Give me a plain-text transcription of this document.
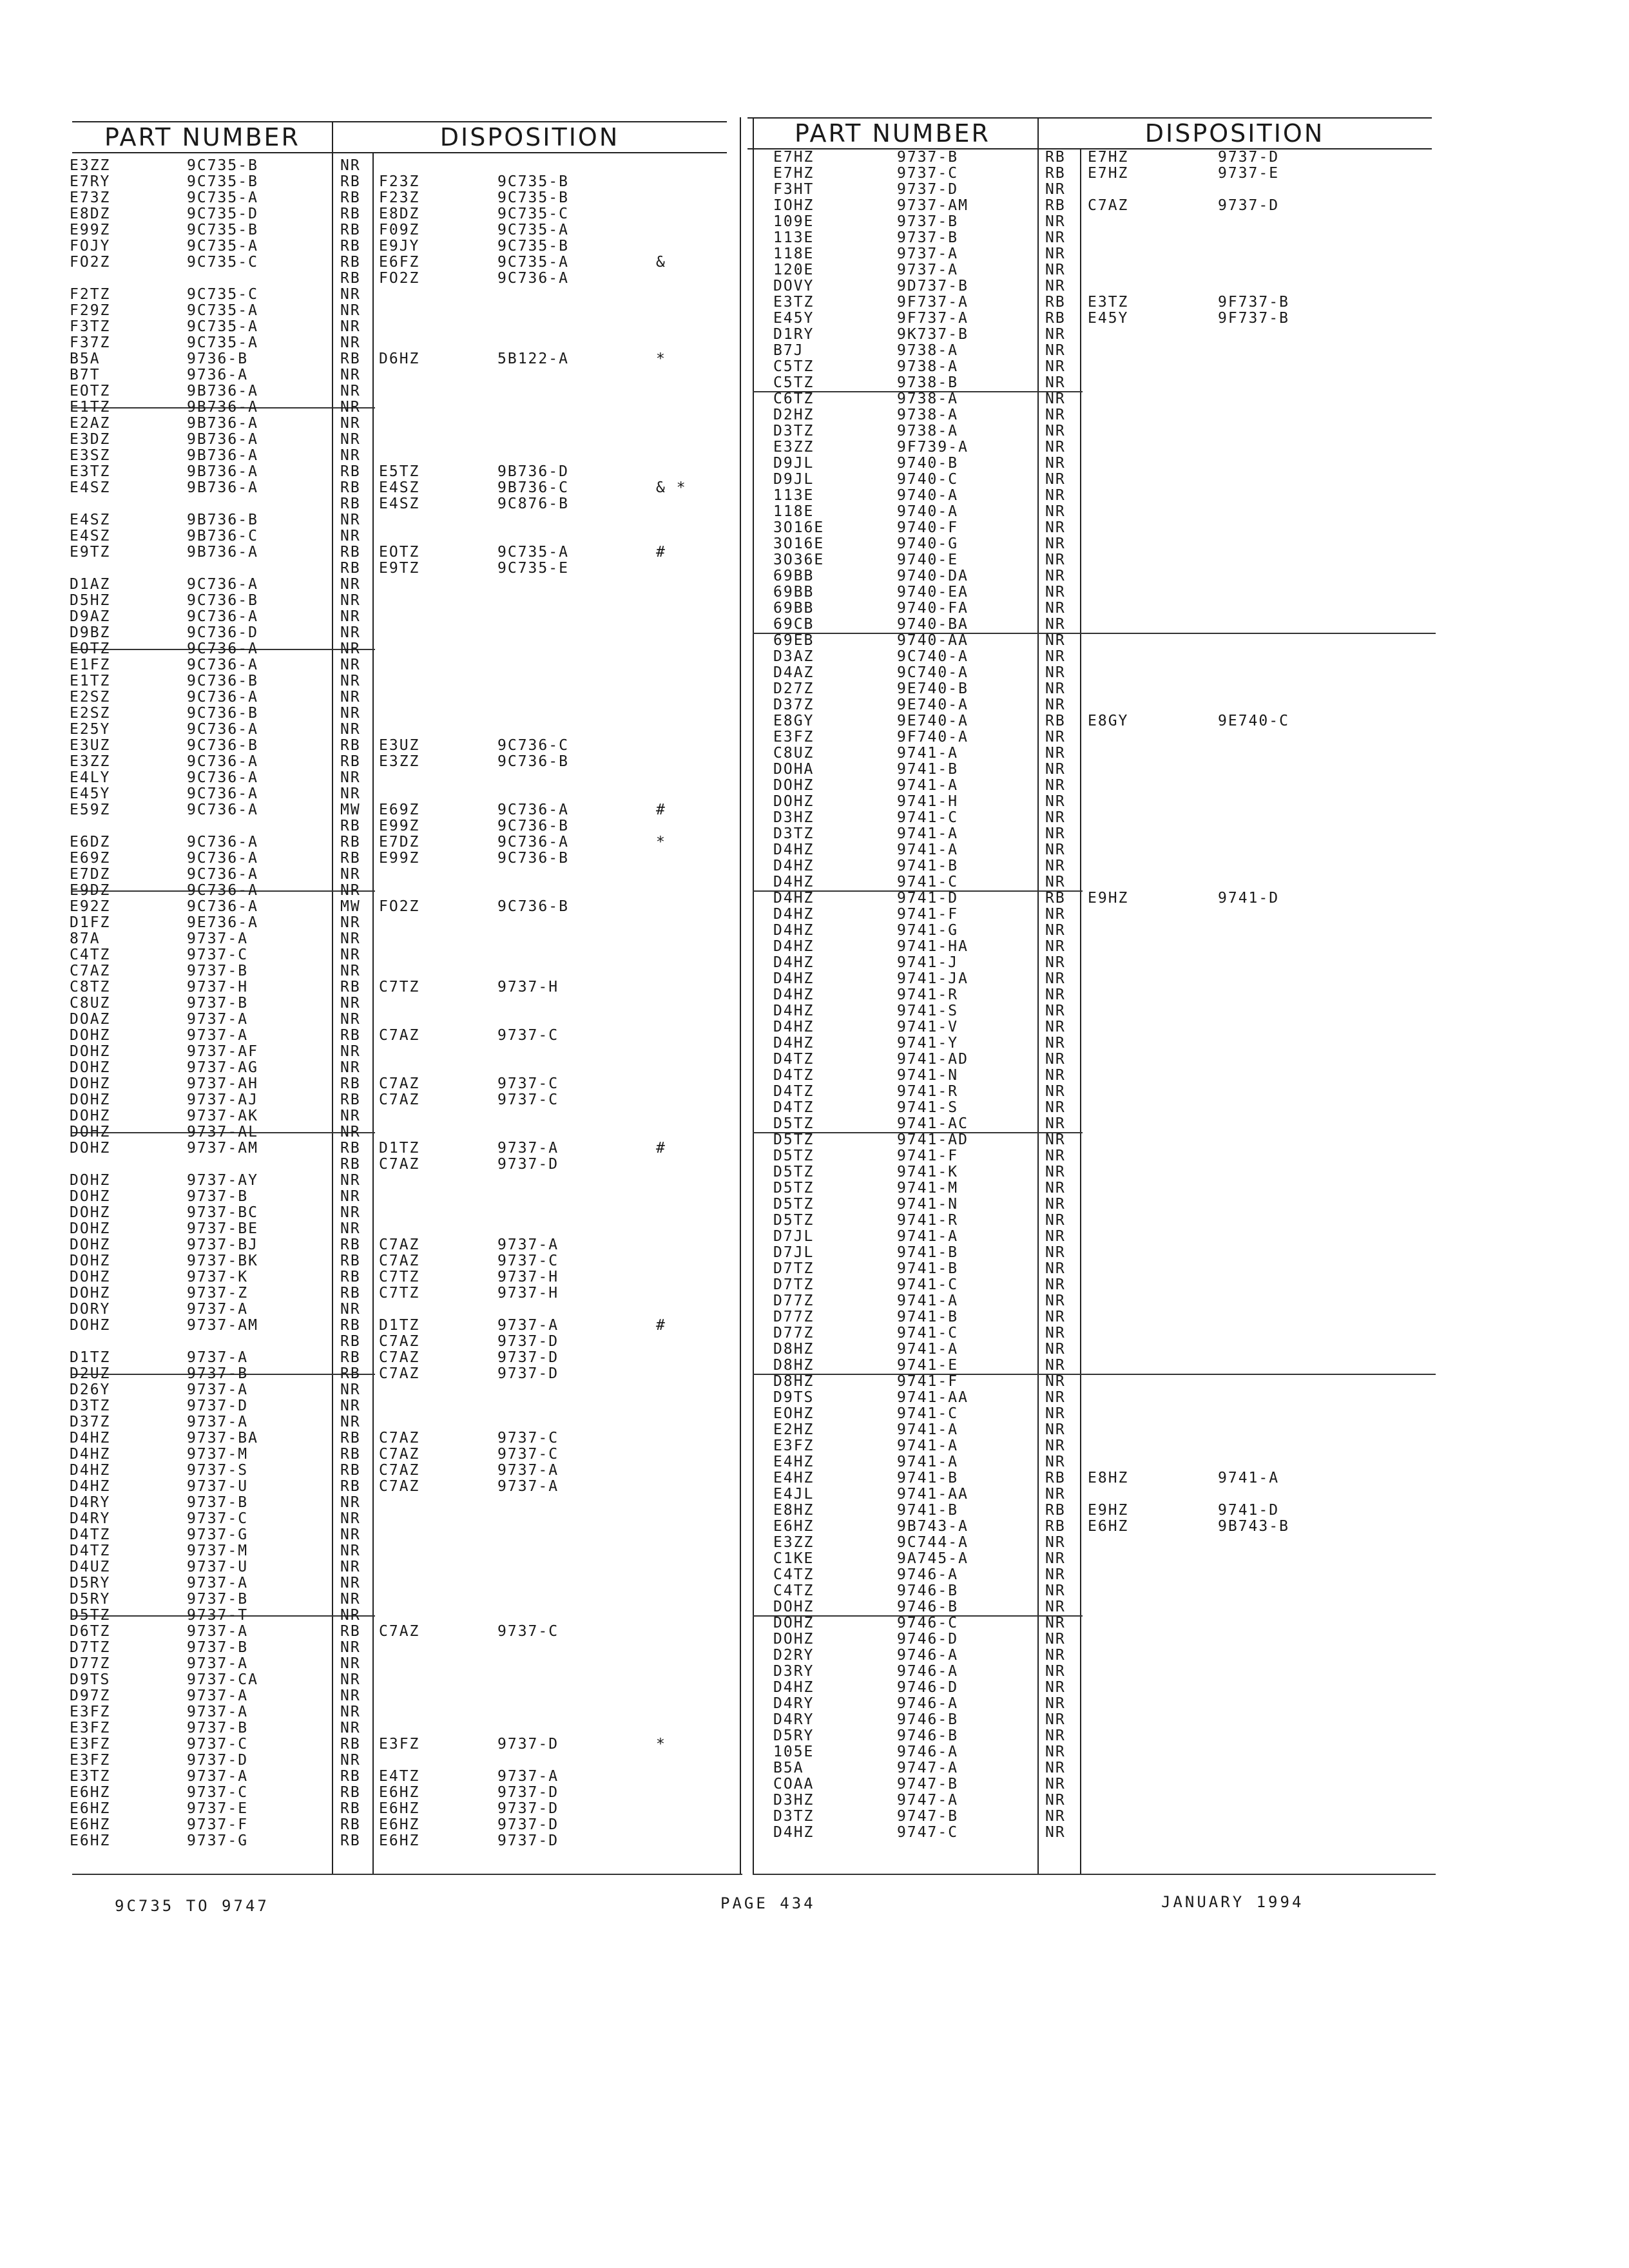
PART NUMBER	DISPOSITION	PART NUMBER	DISPOSITION
E3ZZ	9C735-B	NR
E7RY	9C735-B	RB F23Z	9C735-B
E73Z	9C735-A	RB F23Z	9C735-B
E8DZ	9C735-D	RB E8DZ	9C735-C
E99Z	9C735-B	RB F09Z	9C735-A
FOJY	9C735-A	RB E9JY	9C735-B
FO2Z	9C735-C	RB E6FZ	9C735-A	&
RB FO2Z	9C736-A
F2TZ	9C735-C	NR
F29Z	9C735-A	NR
F3TZ	9C735-A	NR
F37Z	9C735-A	NR
B5A	9736-B	RB D6HZ	5B122-A	*
B7T	9736-A	NR
EOTZ	9B736-A	NR
E1TZ	9B736-A	NR
E2AZ	9B736-A	NR
E3DZ	9B736-A	NR
E3SZ	9B736-A	NR
E3TZ	9B736-A	RB E5TZ	9B736-D
E4SZ	9B736-A	RB E4SZ	9B736-C	& *
RB E4SZ	9C876-B
E4SZ	9B736-B	NR
E4SZ	9B736-C	NR
E9TZ	9B736-A	RB EOTZ	9C735-A	#
RB E9TZ	9C735-E
D1AZ	9C736-A	NR
D5HZ	9C736-B	NR
D9AZ	9C736-A	NR
D9BZ	9C736-D	NR
EOTZ	9C736-A	NR
E1FZ	9C736-A	NR
E1TZ	9C736-B	NR
E2SZ	9C736-A	NR
E2SZ	9C736-B	NR
E25Y	9C736-A	NR
E3UZ	9C736-B	RB E3UZ	9C736-C
E3ZZ	9C736-A	RB E3ZZ	9C736-B
E4LY	9C736-A	NR
E45Y	9C736-A	NR
E59Z	9C736-A	MW E69Z	9C736-A	#
RB E99Z	9C736-B
E6DZ	9C736-A	RB E7DZ	9C736-A	*
E69Z	9C736-A	RB E99Z	9C736-B
E7DZ	9C736-A	NR
E9DZ	9C736-A	NR
E92Z	9C736-A	MW FO2Z	9C736-B
D1FZ	9E736-A	NR
87A	9737-A	NR
C4TZ	9737-C	NR
C7AZ	9737-B	NR
C8TZ	9737-H	RB C7TZ	9737-H
C8UZ	9737-B	NR
DOAZ	9737-A	NR
DOHZ	9737-A	RB C7AZ	9737-C
DOHZ	9737-AF	NR
DOHZ	9737-AG	NR
DOHZ	9737-AH	RB C7AZ	9737-C
DOHZ	9737-AJ	RB C7AZ	9737-C
DOHZ	9737-AK	NR
DOHZ	9737-AL	NR
DOHZ	9737-AM	RB D1TZ	9737-A	#
RB C7AZ	9737-D
DOHZ	9737-AY	NR
DOHZ	9737-B	NR
DOHZ	9737-BC	NR
DOHZ	9737-BE	NR
DOHZ	9737-BJ	RB C7AZ	9737-A
DOHZ	9737-BK	RB C7AZ	9737-C
DOHZ	9737-K	RB C7TZ	9737-H
DOHZ	9737-Z	RB C7TZ	9737-H
DORY	9737-A	NR
DOHZ	9737-AM	RB D1TZ	9737-A	#
RB C7AZ	9737-D
D1TZ	9737-A	RB C7AZ	9737-D
D2UZ	9737-B	RB C7AZ	9737-D
D26Y	9737-A	NR
D3TZ	9737-D	NR
D37Z	9737-A	NR
D4HZ	9737-BA	RB C7AZ	9737-C
D4HZ	9737-M	RB C7AZ	9737-C
D4HZ	9737-S	RB C7AZ	9737-A
D4HZ	9737-U	RB C7AZ	9737-A
D4RY	9737-B	NR
D4RY	9737-C	NR
D4TZ	9737-G	NR
D4TZ	9737-M	NR
D4UZ	9737-U	NR
D5RY	9737-A	NR
D5RY	9737-B	NR
D5TZ	9737-T	NR
D6TZ	9737-A	RB C7AZ	9737-C
D7TZ	9737-B	NR
D77Z	9737-A	NR
D9TS	9737-CA	NR
D97Z	9737-A	NR
E3FZ	9737-A	NR
E3FZ	9737-B	NR
E3FZ	9737-C	RB E3FZ	9737-D	*
E3FZ	9737-D	NR
E3TZ	9737-A	RB E4TZ	9737-A
E6HZ	9737-C	RB E6HZ	9737-D
E6HZ	9737-E	RB E6HZ	9737-D
E6HZ	9737-F	RB E6HZ	9737-D
E6HZ	9737-G	RB E6HZ	9737-D
E7HZ	9737-B	RB E7HZ	9737-D
E7HZ	9737-C	RB E7HZ	9737-E
F3HT	9737-D	NR
IOHZ	9737-AM	RB C7AZ	9737-D
109E	9737-B	NR
113E	9737-B	NR
118E	9737-A	NR
120E	9737-A	NR
DOVY	9D737-B	NR
E3TZ	9F737-A	RB E3TZ	9F737-B
E45Y	9F737-A	RB E45Y	9F737-B
D1RY	9K737-B	NR
B7J	9738-A	NR
C5TZ	9738-A	NR
C5TZ	9738-B	NR
C6TZ	9738-A	NR
D2HZ	9738-A	NR
D3TZ	9738-A	NR
E3ZZ	9F739-A	NR
D9JL	9740-B	NR
D9JL	9740-C	NR
113E	9740-A	NR
118E	9740-A	NR
3O16E	9740-F	NR
3O16E	9740-G	NR
3O36E	9740-E	NR
69BB	9740-DA	NR
69BB	9740-EA	NR
69BB	9740-FA	NR
69CB	9740-BA	NR
69EB	9740-AA	NR
D3AZ	9C740-A	NR
D4AZ	9C740-A	NR
D27Z	9E740-B	NR
D37Z	9E740-A	NR
E8GY	9E740-A	RB E8GY	9E740-C
E3FZ	9F740-A	NR
C8UZ	9741-A	NR
DOHA	9741-B	NR
DOHZ	9741-A	NR
DOHZ	9741-H	NR
D3HZ	9741-C	NR
D3TZ	9741-A	NR
D4HZ	9741-A	NR
D4HZ	9741-B	NR
D4HZ	9741-C	NR
D4HZ	9741-D	RB E9HZ	9741-D
D4HZ	9741-F	NR
D4HZ	9741-G	NR
D4HZ	9741-HA	NR
D4HZ	9741-J	NR
D4HZ	9741-JA	NR
D4HZ	9741-R	NR
D4HZ	9741-S	NR
D4HZ	9741-V	NR
D4HZ	9741-Y	NR
D4TZ	9741-AD	NR
D4TZ	9741-N	NR
D4TZ	9741-R	NR
D4TZ	9741-S	NR
D5TZ	9741-AC	NR
D5TZ	9741-AD	NR
D5TZ	9741-F	NR
D5TZ	9741-K	NR
D5TZ	9741-M	NR
D5TZ	9741-N	NR
D5TZ	9741-R	NR
D7JL	9741-A	NR
D7JL	9741-B	NR
D7TZ	9741-B	NR
D7TZ	9741-C	NR
D77Z	9741-A	NR
D77Z	9741-B	NR
D77Z	9741-C	NR
D8HZ	9741-A	NR
D8HZ	9741-E	NR
D8HZ	9741-F	NR
D9TS	9741-AA	NR
EOHZ	9741-C	NR
E2HZ	9741-A	NR
E3FZ	9741-A	NR
E4HZ	9741-A	NR
E4HZ	9741-B	RB E8HZ	9741-A
E4JL	9741-AA	NR
E8HZ	9741-B	RB E9HZ	9741-D
E6HZ	9B743-A	RB E6HZ	9B743-B
E3ZZ	9C744-A	NR
C1KE	9A745-A	NR
C4TZ	9746-A	NR
C4TZ	9746-B	NR
DOHZ	9746-B	NR
DOHZ	9746-C	NR
DOHZ	9746-D	NR
D2RY	9746-A	NR
D3RY	9746-A	NR
D4HZ	9746-D	NR
D4RY	9746-A	NR
D4RY	9746-B	NR
D5RY	9746-B	NR
105E	9746-A	NR
B5A	9747-A	NR
COAA	9747-B	NR
D3HZ	9747-A	NR
D3TZ	9747-B	NR
D4HZ	9747-C	NR
9C735 TO 9747	PAGE 434	JANUARY 1994
